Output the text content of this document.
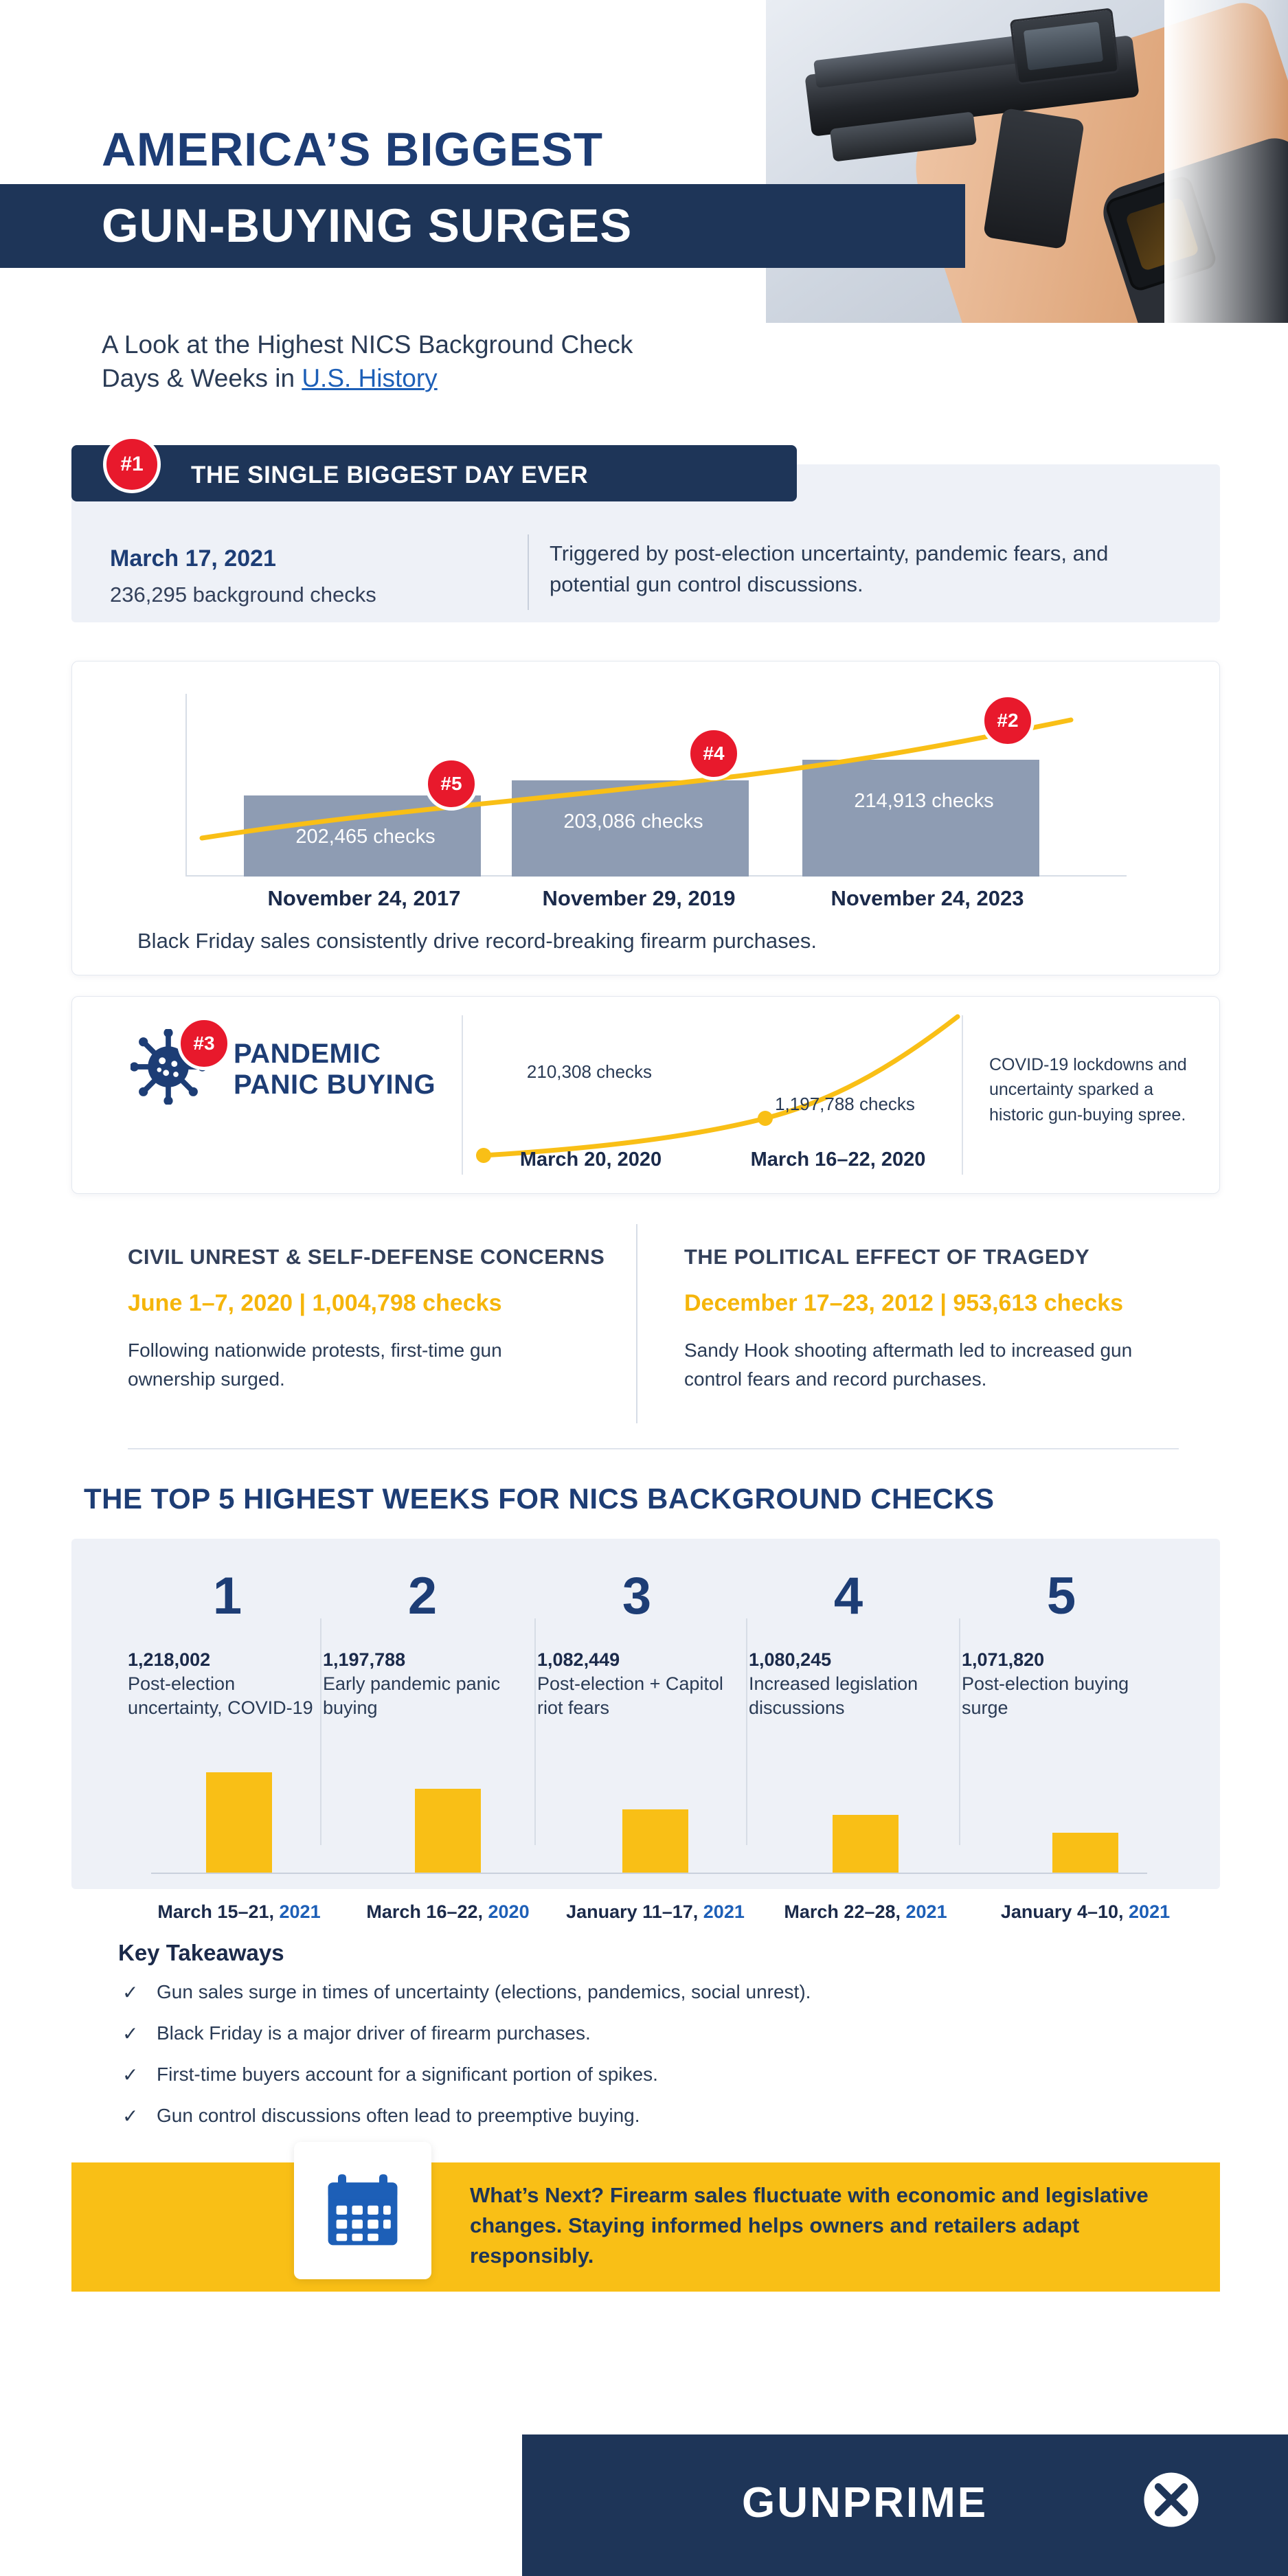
AMERICA’S BIGGEST
GUN-BUYING SURGES
A Look at the Highest NICS Background Check
Days & Weeks in U.S. History
#1	THE SINGLE BIGGEST DAY EVER
March 17, 2021
236,295 background checks
Triggered by post-election uncertainty, pandemic fears, and potential gun control discussions.
202,465 checks
203,086 checks
214,913 checks
#5
#4
#2
November 24, 2017	November 29, 2019	November 24, 2023
Black Friday sales consistently drive record-breaking firearm purchases.
#3 PANDEMIC
PANIC BUYING
COVID-19 lockdowns and uncertainty sparked a historic gun-buying spree.
210,308 checks
1,197,788 checks
March 20, 2020	March 16–22, 2020
CIVIL UNREST & SELF-DEFENSE CONCERNS
June 1–7, 2020 | 1,004,798 checks
Following nationwide protests, first-time gun ownership surged.
THE POLITICAL EFFECT OF TRAGEDY
December 17–23, 2012 | 953,613 checks
Sandy Hook shooting aftermath led to increased gun control fears and record purchases.
THE TOP 5 HIGHEST WEEKS FOR NICS BACKGROUND CHECKS
1
1,218,002
Post-election uncertainty, COVID-19
2
1,197,788
Early pandemic panic buying
3
1,082,449
Post-election + Capitol riot fears
4
1,080,245
Increased legislation discussions
5
1,071,820
Post-election buying surge
March 15–21, 2021	March 16–22, 2020	January 11–17, 2021	March 22–28, 2021	January 4–10, 2021
Key Takeaways
✓ Gun sales surge in times of uncertainty (elections, pandemics, social unrest).
✓ Black Friday is a major driver of firearm purchases.
✓ First-time buyers account for a significant portion of spikes.
✓ Gun control discussions often lead to preemptive buying.
What’s Next? Firearm sales fluctuate with economic and legislative changes. Staying informed helps owners and retailers adapt responsibly.
GUNPRIME
